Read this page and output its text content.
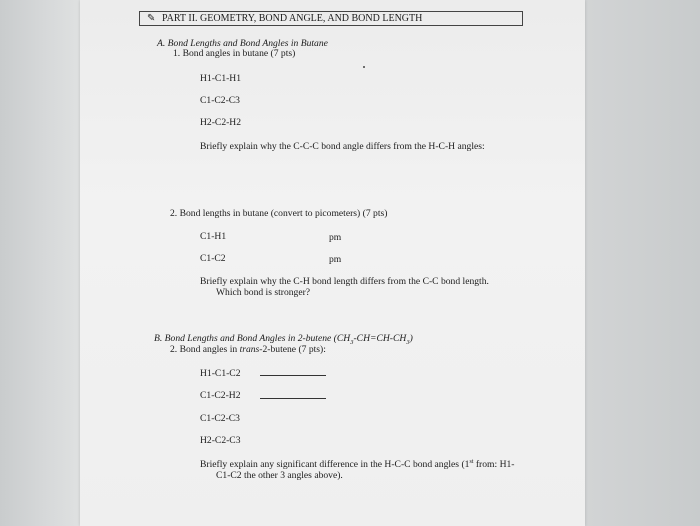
✎ PART II. GEOMETRY, BOND ANGLE, AND BOND LENGTH
A. Bond Lengths and Bond Angles in Butane
1. Bond angles in butane (7 pts)
H1-C1-H1
C1-C2-C3
H2-C2-H2
Briefly explain why the C-C-C bond angle differs from the H-C-H angles:
2. Bond lengths in butane (convert to picometers) (7 pts)
C1-H1	pm
C1-C2	pm
Briefly explain why the C-H bond length differs from the C-C bond length.
Which bond is stronger?
B. Bond Lengths and Bond Angles in 2-butene $(CH_3-CH=CH-CH_3)$
2. Bond angles in trans-2-butene (7 pts):
H1-C1-C2
C1-C2-H2
C1-C2-C3
H2-C2-C3
Briefly explain any significant difference in the H-C-C bond angles (1st from: H1-
C1-C2 the other 3 angles above).
